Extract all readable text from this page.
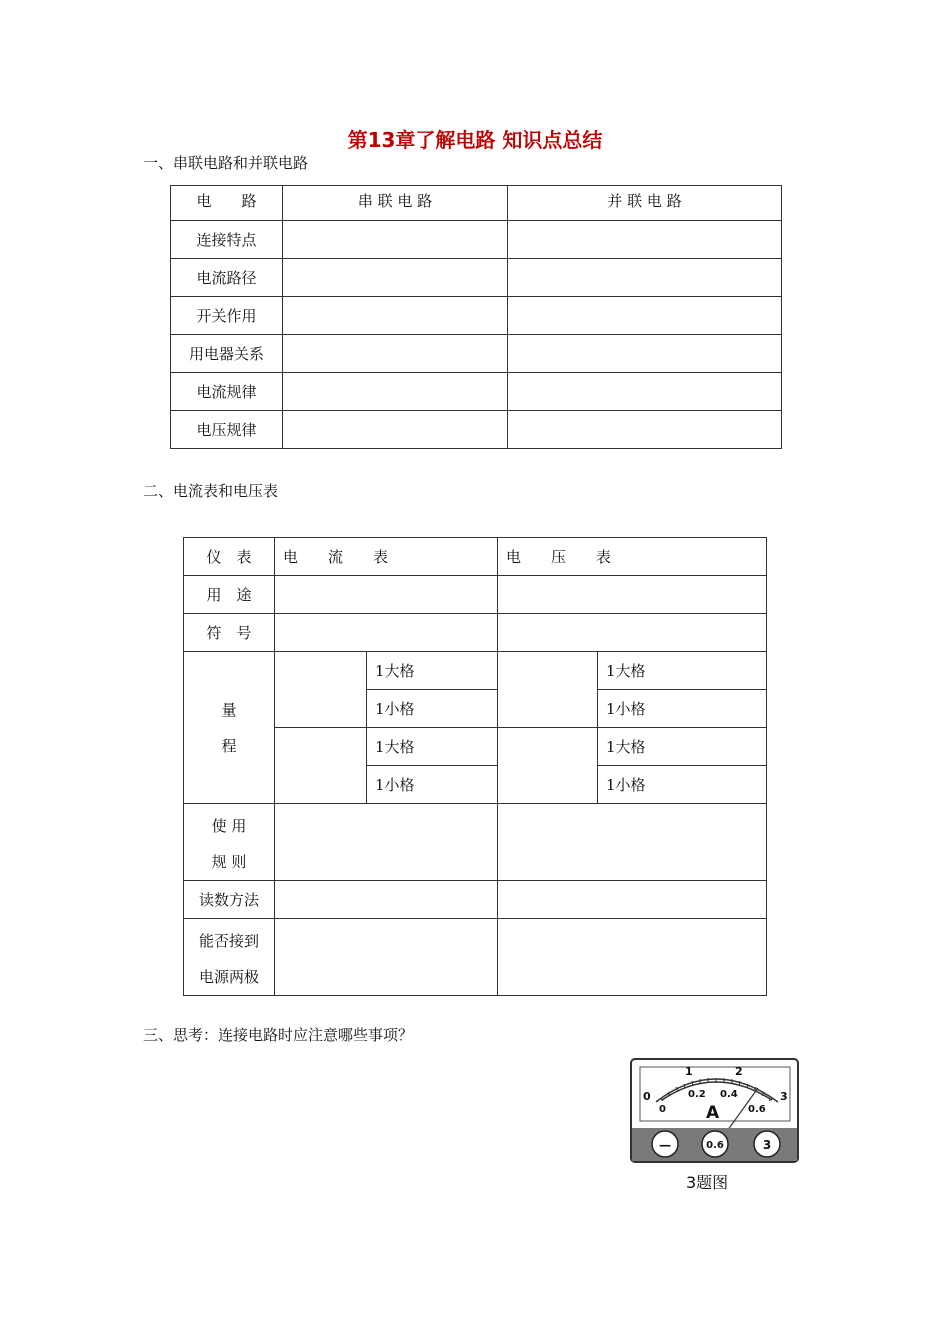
第13章了解电路 知识点总结
一、串联电路和并联电路
电　　路	串 联 电 路	并 联 电 路
连接特点		
电流路径		
开关作用		
用电器关系		
电流规律		
电压规律		
二、电流表和电压表
仪　表	电　　流　　表		电　　压　　表	
用　途				
符　号				

量
程		1大格		1大格
		1小格		1小格
		1大格		1大格
		1小格		1小格

使 用
规 则				

读数方法				

能否接到
电源两极				

三、思考：连接电路时应注意哪些事项？
0
1	2
3
0
0.2 0.4
0.6
A
—	0.6	3
3题图
